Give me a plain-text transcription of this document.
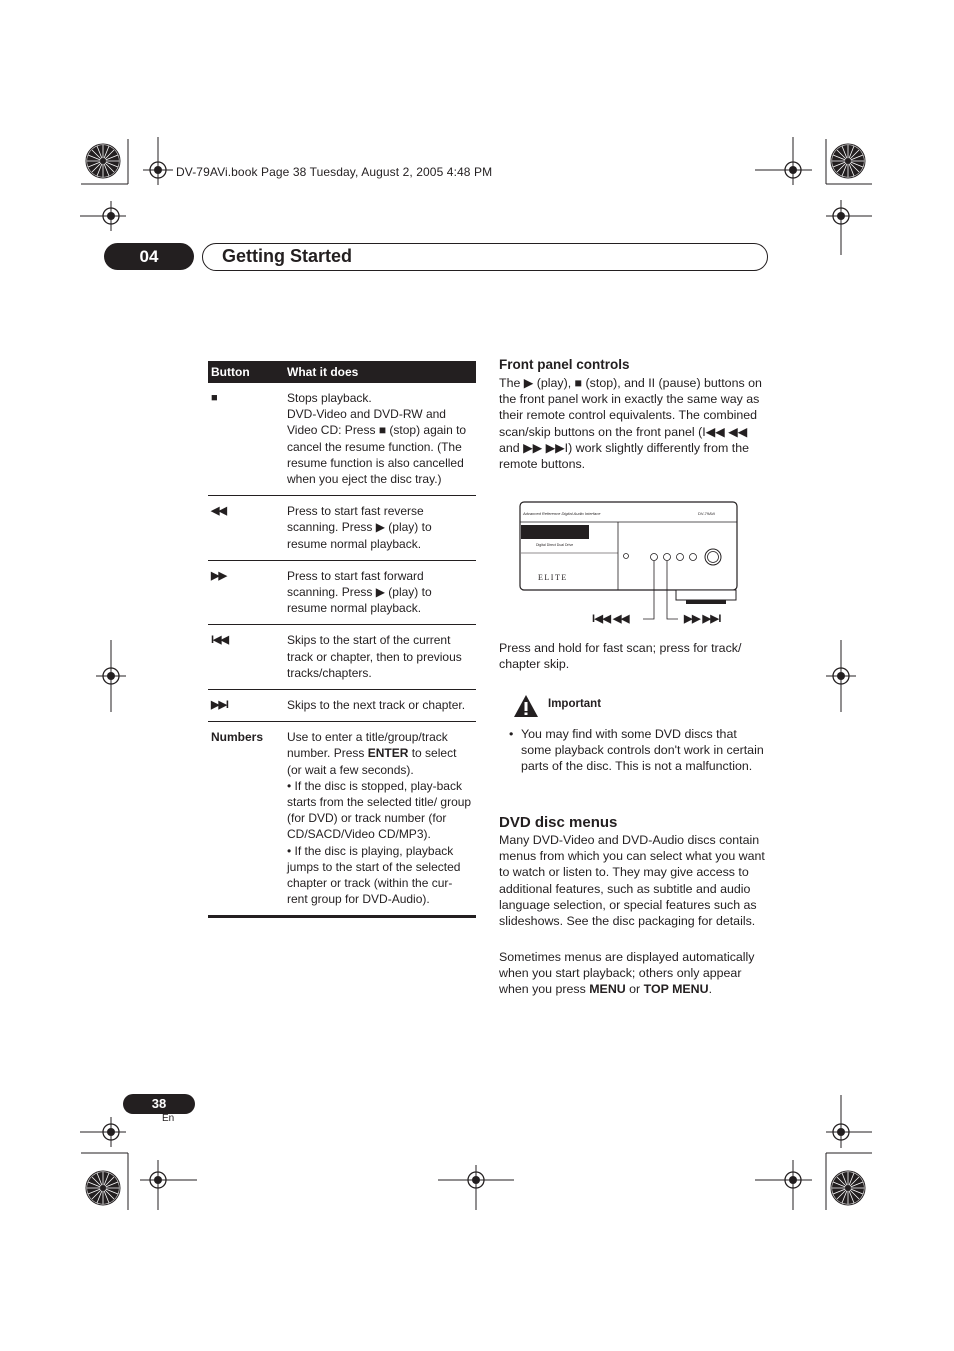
DV-79AVi.book Page 38 Tuesday, August 2, 2005 4:48 PM
04	Getting Started
Button	What it does
■	Stops playback.
DVD-Video and DVD-RW and Video CD: Press ■ (stop) again to cancel the resume function. (The resume function is also cancelled when you eject the disc tray.)
◀◀	Press to start fast reverse scanning. Press ▶ (play) to resume normal playback.
▶▶	Press to start fast forward scanning. Press ▶ (play) to resume normal playback.
I◀◀	Skips to the start of the current track or chapter, then to previous tracks/chapters.
▶▶I	Skips to the next track or chapter.
Numbers	Use to enter a title/group/track number. Press ENTER to select (or wait a few seconds).
• If the disc is stopped, play-back starts from the selected title/ group (for DVD) or track number (for CD/SACD/Video CD/MP3).
• If the disc is playing, playback jumps to the start of the selected chapter or track (within the cur-rent group for DVD-Audio).
Front panel controls
The ▶ (play), ■ (stop), and II (pause) buttons on the front panel work in exactly the same way as their remote control equivalents. The combined scan/skip buttons on the front panel (I◀◀ ◀◀ and ▶▶ ▶▶I) work slightly differently from the remote buttons.
Advanced Reference Digital Audio Interface	DV-79AVi
Digital Direct Dual Drive
ELITE
I◀◀ ◀◀	▶▶ ▶▶I
Press and hold for fast scan; press for track/ chapter skip.
Important
• You may find with some DVD discs that some playback controls don't work in certain parts of the disc. This is not a malfunction.
DVD disc menus
Many DVD-Video and DVD-Audio discs contain menus from which you can select what you want to watch or listen to. They may give access to additional features, such as subtitle and audio language selection, or special features such as slideshows. See the disc packaging for details.
Sometimes menus are displayed automatically when you start playback; others only appear when you press MENU or TOP MENU.
38
En
